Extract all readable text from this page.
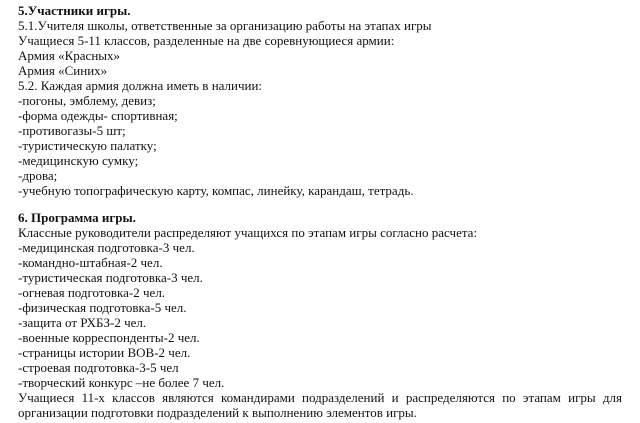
5.Участники игры.
5.1.Учителя школы, ответственные за организацию работы на этапах игры
Учащиеся 5-11 классов, разделенные на две соревнующиеся армии:
Армия «Красных»
Армия «Синих»
5.2. Каждая армия должна иметь в наличии:
-погоны, эмблему, девиз;
-форма одежды- спортивная;
-противогазы-5 шт;
-туристическую палатку;
-медицинскую сумку;
-дрова;
-учебную топографическую карту, компас, линейку, карандаш, тетрадь.
6. Программа игры.
Классные руководители распределяют учащихся по этапам игры согласно расчета:
-медицинская подготовка-3 чел.
-командно-штабная-2 чел.
-туристическая подготовка-3 чел.
-огневая подготовка-2 чел.
-физическая подготовка-5 чел.
-защита от РХБЗ-2 чел.
-военные корреспонденты-2 чел.
-страницы истории ВОВ-2 чел.
-строевая подготовка-3-5 чел
-творческий конкурс –не более 7 чел.
Учащиеся 11-х классов являются командирами подразделений и распределяются по этапам игры для
организации подготовки подразделений к выполнению элементов игры.
